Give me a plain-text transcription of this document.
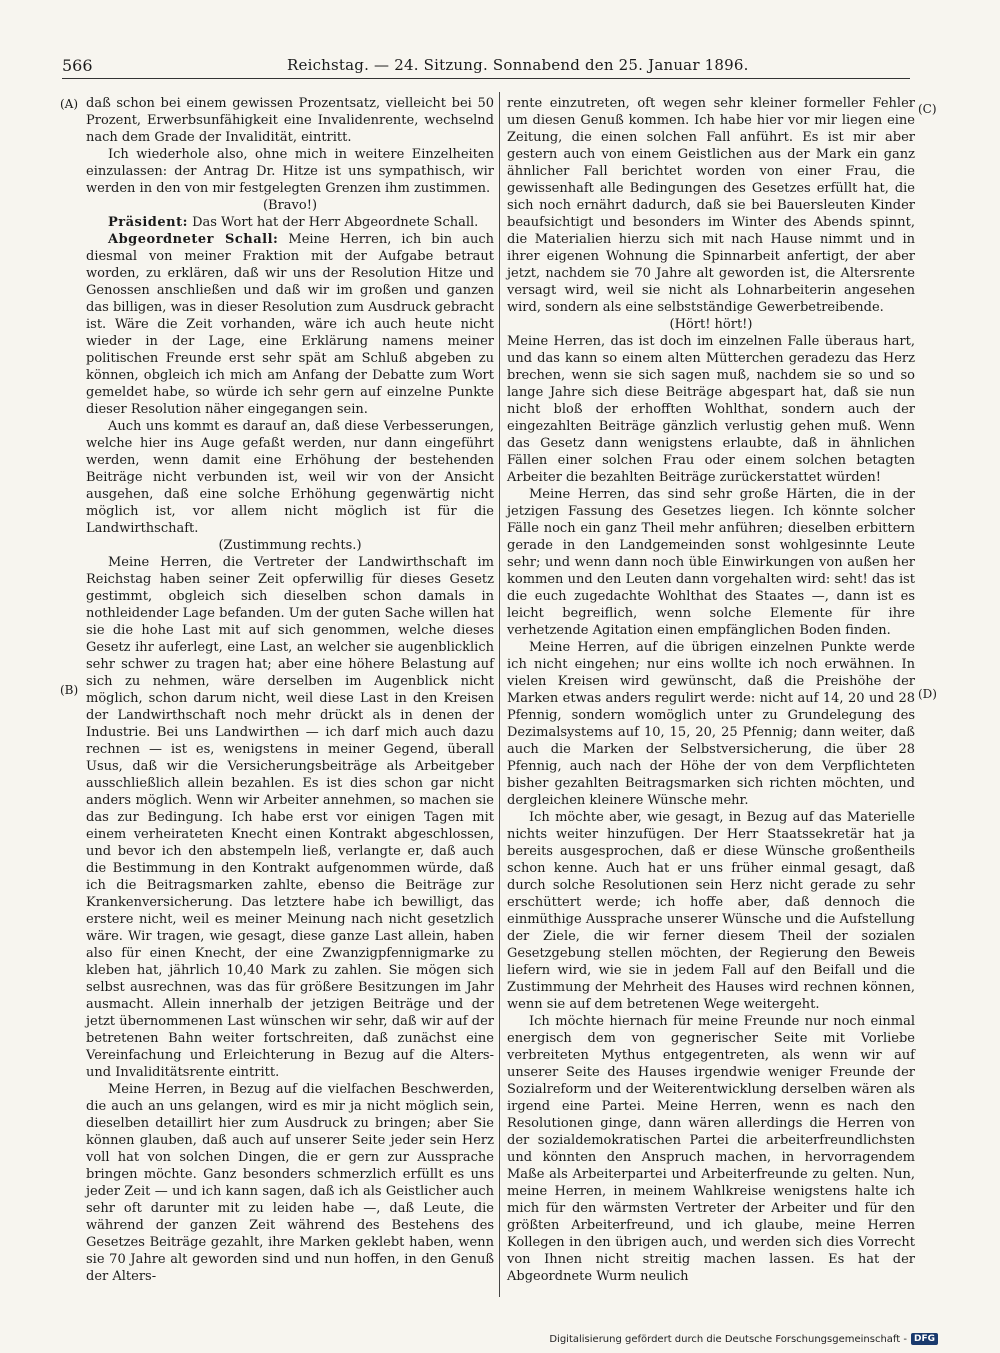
566	Reichstag. — 24. Sitzung. Sonnabend den 25. Januar 1896.
(A)
(B)
(C)
(D)

daß schon bei einem gewissen Prozentsatz, vielleicht bei 50 Prozent, Erwerbsunfähigkeit eine Invalidenrente, wechselnd nach dem Grade der Invalidität, eintritt.

Ich wiederhole also, ohne mich in weitere Einzelheiten einzulassen: der Antrag Dr. Hitze ist uns sympathisch, wir werden in den von mir festgelegten Grenzen ihm zustimmen.

(Bravo!)

Präsident: Das Wort hat der Herr Abgeordnete Schall.

Abgeordneter Schall: Meine Herren, ich bin auch diesmal von meiner Fraktion mit der Aufgabe betraut worden, zu erklären, daß wir uns der Resolution Hitze und Genossen anschließen und daß wir im großen und ganzen das billigen, was in dieser Resolution zum Ausdruck gebracht ist. Wäre die Zeit vorhanden, wäre ich auch heute nicht wieder in der Lage, eine Erklärung namens meiner politischen Freunde erst sehr spät am Schluß abgeben zu können, obgleich ich mich am Anfang der Debatte zum Wort gemeldet habe, so würde ich sehr gern auf einzelne Punkte dieser Resolution näher eingegangen sein.

Auch uns kommt es darauf an, daß diese Verbesserungen, welche hier ins Auge gefaßt werden, nur dann eingeführt werden, wenn damit eine Erhöhung der bestehenden Beiträge nicht verbunden ist, weil wir von der Ansicht ausgehen, daß eine solche Erhöhung gegenwärtig nicht möglich ist, vor allem nicht möglich ist für die Landwirthschaft.

(Zustimmung rechts.)

Meine Herren, die Vertreter der Landwirthschaft im Reichstag haben seiner Zeit opferwillig für dieses Gesetz gestimmt, obgleich sich dieselben schon damals in nothleidender Lage befanden. Um der guten Sache willen hat sie die hohe Last mit auf sich genommen, welche dieses Gesetz ihr auferlegt, eine Last, an welcher sie augenblicklich sehr schwer zu tragen hat; aber eine höhere Belastung auf sich zu nehmen, wäre derselben im Augenblick nicht möglich, schon darum nicht, weil diese Last in den Kreisen der Landwirthschaft noch mehr drückt als in denen der Industrie. Bei uns Landwirthen — ich darf mich auch dazu rechnen — ist es, wenigstens in meiner Gegend, überall Usus, daß wir die Versicherungsbeiträge als Arbeitgeber ausschließlich allein bezahlen. Es ist dies schon gar nicht anders möglich. Wenn wir Arbeiter annehmen, so machen sie das zur Bedingung. Ich habe erst vor einigen Tagen mit einem verheirateten Knecht einen Kontrakt abgeschlossen, und bevor ich den abstempeln ließ, verlangte er, daß auch die Bestimmung in den Kontrakt aufgenommen würde, daß ich die Beitragsmarken zahlte, ebenso die Beiträge zur Krankenversicherung. Das letztere habe ich bewilligt, das erstere nicht, weil es meiner Meinung nach nicht gesetzlich wäre. Wir tragen, wie gesagt, diese ganze Last allein, haben also für einen Knecht, der eine Zwanzigpfennigmarke zu kleben hat, jährlich 10,40 Mark zu zahlen. Sie mögen sich selbst ausrechnen, was das für größere Besitzungen im Jahr ausmacht. Allein innerhalb der jetzigen Beiträge und der jetzt übernommenen Last wünschen wir sehr, daß wir auf der betretenen Bahn weiter fortschreiten, daß zunächst eine Vereinfachung und Erleichterung in Bezug auf die Alters- und Invaliditätsrente eintritt.

Meine Herren, in Bezug auf die vielfachen Beschwerden, die auch an uns gelangen, wird es mir ja nicht möglich sein, dieselben detaillirt hier zum Ausdruck zu bringen; aber Sie können glauben, daß auch auf unserer Seite jeder sein Herz voll hat von solchen Dingen, die er gern zur Aussprache bringen möchte. Ganz besonders schmerzlich erfüllt es uns jeder Zeit — und ich kann sagen, daß ich als Geistlicher auch sehr oft darunter mit zu leiden habe —, daß Leute, die während der ganzen Zeit während des Bestehens des Gesetzes Beiträge gezahlt, ihre Marken geklebt haben, wenn sie 70 Jahre alt geworden sind und nun hoffen, in den Genuß der Alters-

rente einzutreten, oft wegen sehr kleiner formeller Fehler um diesen Genuß kommen. Ich habe hier vor mir liegen eine Zeitung, die einen solchen Fall anführt. Es ist mir aber gestern auch von einem Geistlichen aus der Mark ein ganz ähnlicher Fall berichtet worden von einer Frau, die gewissenhaft alle Bedingungen des Gesetzes erfüllt hat, die sich noch ernährt dadurch, daß sie bei Bauersleuten Kinder beaufsichtigt und besonders im Winter des Abends spinnt, die Materialien hierzu sich mit nach Hause nimmt und in ihrer eigenen Wohnung die Spinnarbeit anfertigt, der aber jetzt, nachdem sie 70 Jahre alt geworden ist, die Altersrente versagt wird, weil sie nicht als Lohnarbeiterin angesehen wird, sondern als eine selbstständige Gewerbetreibende.

(Hört! hört!)

Meine Herren, das ist doch im einzelnen Falle überaus hart, und das kann so einem alten Mütterchen geradezu das Herz brechen, wenn sie sich sagen muß, nachdem sie so und so lange Jahre sich diese Beiträge abgespart hat, daß sie nun nicht bloß der erhofften Wohlthat, sondern auch der eingezahlten Beiträge gänzlich verlustig gehen muß. Wenn das Gesetz dann wenigstens erlaubte, daß in ähnlichen Fällen einer solchen Frau oder einem solchen betagten Arbeiter die bezahlten Beiträge zurückerstattet würden!

Meine Herren, das sind sehr große Härten, die in der jetzigen Fassung des Gesetzes liegen. Ich könnte solcher Fälle noch ein ganz Theil mehr anführen; dieselben erbittern gerade in den Landgemeinden sonst wohlgesinnte Leute sehr; und wenn dann noch üble Einwirkungen von außen her kommen und den Leuten dann vorgehalten wird: seht! das ist die euch zugedachte Wohlthat des Staates —, dann ist es leicht begreiflich, wenn solche Elemente für ihre verhetzende Agitation einen empfänglichen Boden finden.

Meine Herren, auf die übrigen einzelnen Punkte werde ich nicht eingehen; nur eins wollte ich noch erwähnen. In vielen Kreisen wird gewünscht, daß die Preishöhe der Marken etwas anders regulirt werde: nicht auf 14, 20 und 28 Pfennig, sondern womöglich unter zu Grundelegung des Dezimalsystems auf 10, 15, 20, 25 Pfennig; dann weiter, daß auch die Marken der Selbstversicherung, die über 28 Pfennig, auch nach der Höhe der von dem Verpflichteten bisher gezahlten Beitragsmarken sich richten möchten, und dergleichen kleinere Wünsche mehr.

Ich möchte aber, wie gesagt, in Bezug auf das Materielle nichts weiter hinzufügen. Der Herr Staatssekretär hat ja bereits ausgesprochen, daß er diese Wünsche großentheils schon kenne. Auch hat er uns früher einmal gesagt, daß durch solche Resolutionen sein Herz nicht gerade zu sehr erschüttert werde; ich hoffe aber, daß dennoch die einmüthige Aussprache unserer Wünsche und die Aufstellung der Ziele, die wir ferner diesem Theil der sozialen Gesetzgebung stellen möchten, der Regierung den Beweis liefern wird, wie sie in jedem Fall auf den Beifall und die Zustimmung der Mehrheit des Hauses wird rechnen können, wenn sie auf dem betretenen Wege weitergeht.

Ich möchte hiernach für meine Freunde nur noch einmal energisch dem von gegnerischer Seite mit Vorliebe verbreiteten Mythus entgegentreten, als wenn wir auf unserer Seite des Hauses irgendwie weniger Freunde der Sozialreform und der Weiterentwicklung derselben wären als irgend eine Partei. Meine Herren, wenn es nach den Resolutionen ginge, dann wären allerdings die Herren von der sozialdemokratischen Partei die arbeiterfreundlichsten und könnten den Anspruch machen, in hervorragendem Maße als Arbeiterpartei und Arbeiterfreunde zu gelten. Nun, meine Herren, in meinem Wahlkreise wenigstens halte ich mich für den wärmsten Vertreter der Arbeiter und für den größten Arbeiterfreund, und ich glaube, meine Herren Kollegen in den übrigen auch, und werden sich dies Vorrecht von Ihnen nicht streitig machen lassen. Es hat der Abgeordnete Wurm neulich

Digitalisierung gefördert durch die Deutsche Forschungsgemeinschaft - DFG
